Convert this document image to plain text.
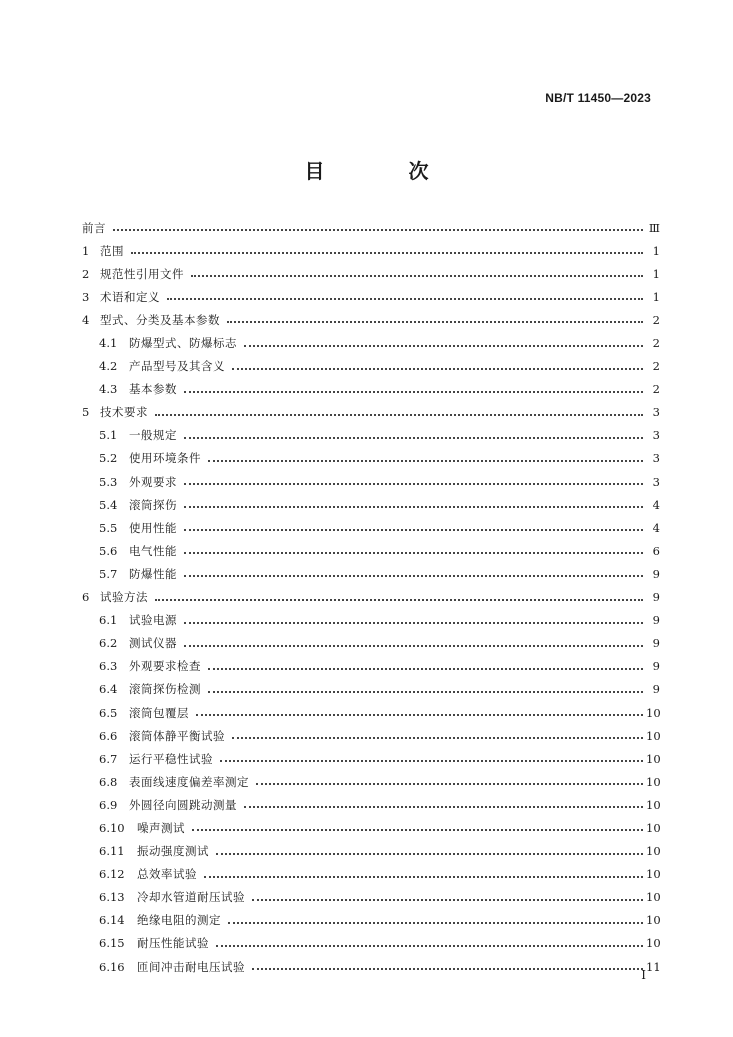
NB/T 11450—2023
目　次
前言	Ⅲ
1 范围	1
2 规范性引用文件	1
3 术语和定义	1
4 型式、分类及基本参数	2
4.1	防爆型式、防爆标志	2
4.2	产品型号及其含义	2
4.3	基本参数	2
5 技术要求	3
5.1	一般规定	3
5.2	使用环境条件	3
5.3	外观要求	3
5.4	滚筒探伤	4
5.5	使用性能	4
5.6	电气性能	6
5.7	防爆性能	9
6 试验方法	9
6.1	试验电源	9
6.2	测试仪器	9
6.3	外观要求检查	9
6.4	滚筒探伤检测	9
6.5	滚筒包覆层	10
6.6	滚筒体静平衡试验	10
6.7	运行平稳性试验	10
6.8	表面线速度偏差率测定	10
6.9	外圆径向圆跳动测量	10
6.10	噪声测试	10
6.11	振动强度测试	10
6.12	总效率试验	10
6.13	冷却水管道耐压试验	10
6.14	绝缘电阻的测定	10
6.15	耐压性能试验	10
6.16	匝间冲击耐电压试验	11
I
